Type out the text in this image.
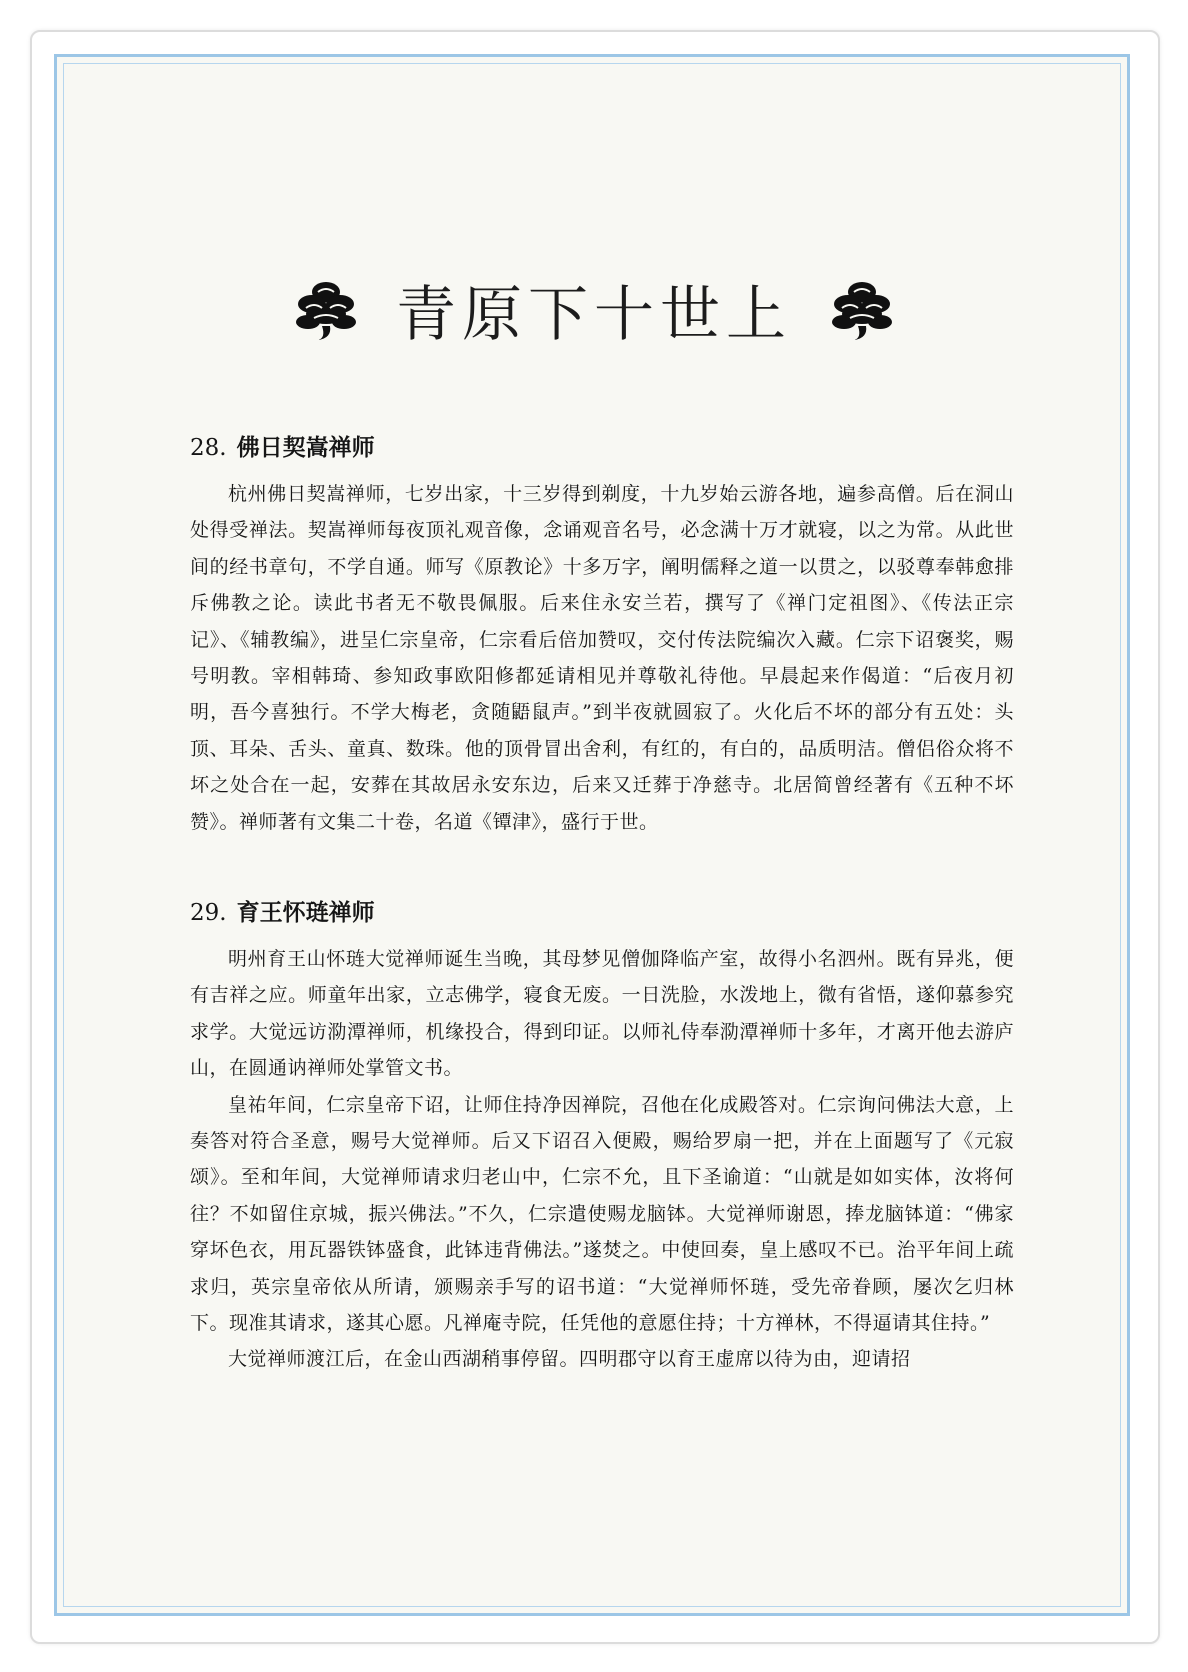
青原下十世上
28. 佛日契嵩禅师

杭州佛日契嵩禅师，七岁出家，十三岁得到剃度，十九岁始云游各地，遍参高僧。后在洞山处得受禅法。契嵩禅师每夜顶礼观音像，念诵观音名号，必念满十万才就寝，以之为常。从此世间的经书章句，不学自通。师写《原教论》十多万字，阐明儒释之道一以贯之，以驳尊奉韩愈排斥佛教之论。读此书者无不敬畏佩服。后来住永安兰若，撰写了《禅门定祖图》、《传法正宗记》、《辅教编》，进呈仁宗皇帝，仁宗看后倍加赞叹，交付传法院编次入藏。仁宗下诏褒奖，赐号明教。宰相韩琦、参知政事欧阳修都延请相见并尊敬礼待他。早晨起来作偈道：“后夜月初明，吾今喜独行。不学大梅老，贪随鼯鼠声。”到半夜就圆寂了。火化后不坏的部分有五处：头顶、耳朵、舌头、童真、数珠。他的顶骨冒出舍利，有红的，有白的，品质明洁。僧侣俗众将不坏之处合在一起，安葬在其故居永安东边，后来又迁葬于净慈寺。北居简曾经著有《五种不坏赞》。禅师著有文集二十卷，名道《镡津》，盛行于世。

29. 育王怀琏禅师

明州育王山怀琏大觉禅师诞生当晚，其母梦见僧伽降临产室，故得小名泗州。既有异兆，便有吉祥之应。师童年出家，立志佛学，寝食无废。一日洗脸，水泼地上，微有省悟，遂仰慕参究求学。大觉远访泐潭禅师，机缘投合，得到印证。以师礼侍奉泐潭禅师十多年，才离开他去游庐山，在圆通讷禅师处掌管文书。

皇祐年间，仁宗皇帝下诏，让师住持净因禅院，召他在化成殿答对。仁宗询问佛法大意，上奏答对符合圣意，赐号大觉禅师。后又下诏召入便殿，赐给罗扇一把，并在上面题写了《元寂颂》。至和年间，大觉禅师请求归老山中，仁宗不允，且下圣谕道：“山就是如如实体，汝将何往？不如留住京城，振兴佛法。”不久，仁宗遣使赐龙脑钵。大觉禅师谢恩，捧龙脑钵道：“佛家穿坏色衣，用瓦器铁钵盛食，此钵违背佛法。”遂焚之。中使回奏，皇上感叹不已。治平年间上疏求归，英宗皇帝依从所请，颁赐亲手写的诏书道：“大觉禅师怀琏，受先帝眷顾，屡次乞归林下。现准其请求，遂其心愿。凡禅庵寺院，任凭他的意愿住持；十方禅林，不得逼请其住持。”

大觉禅师渡江后，在金山西湖稍事停留。四明郡守以育王虚席以待为由，迎请招
